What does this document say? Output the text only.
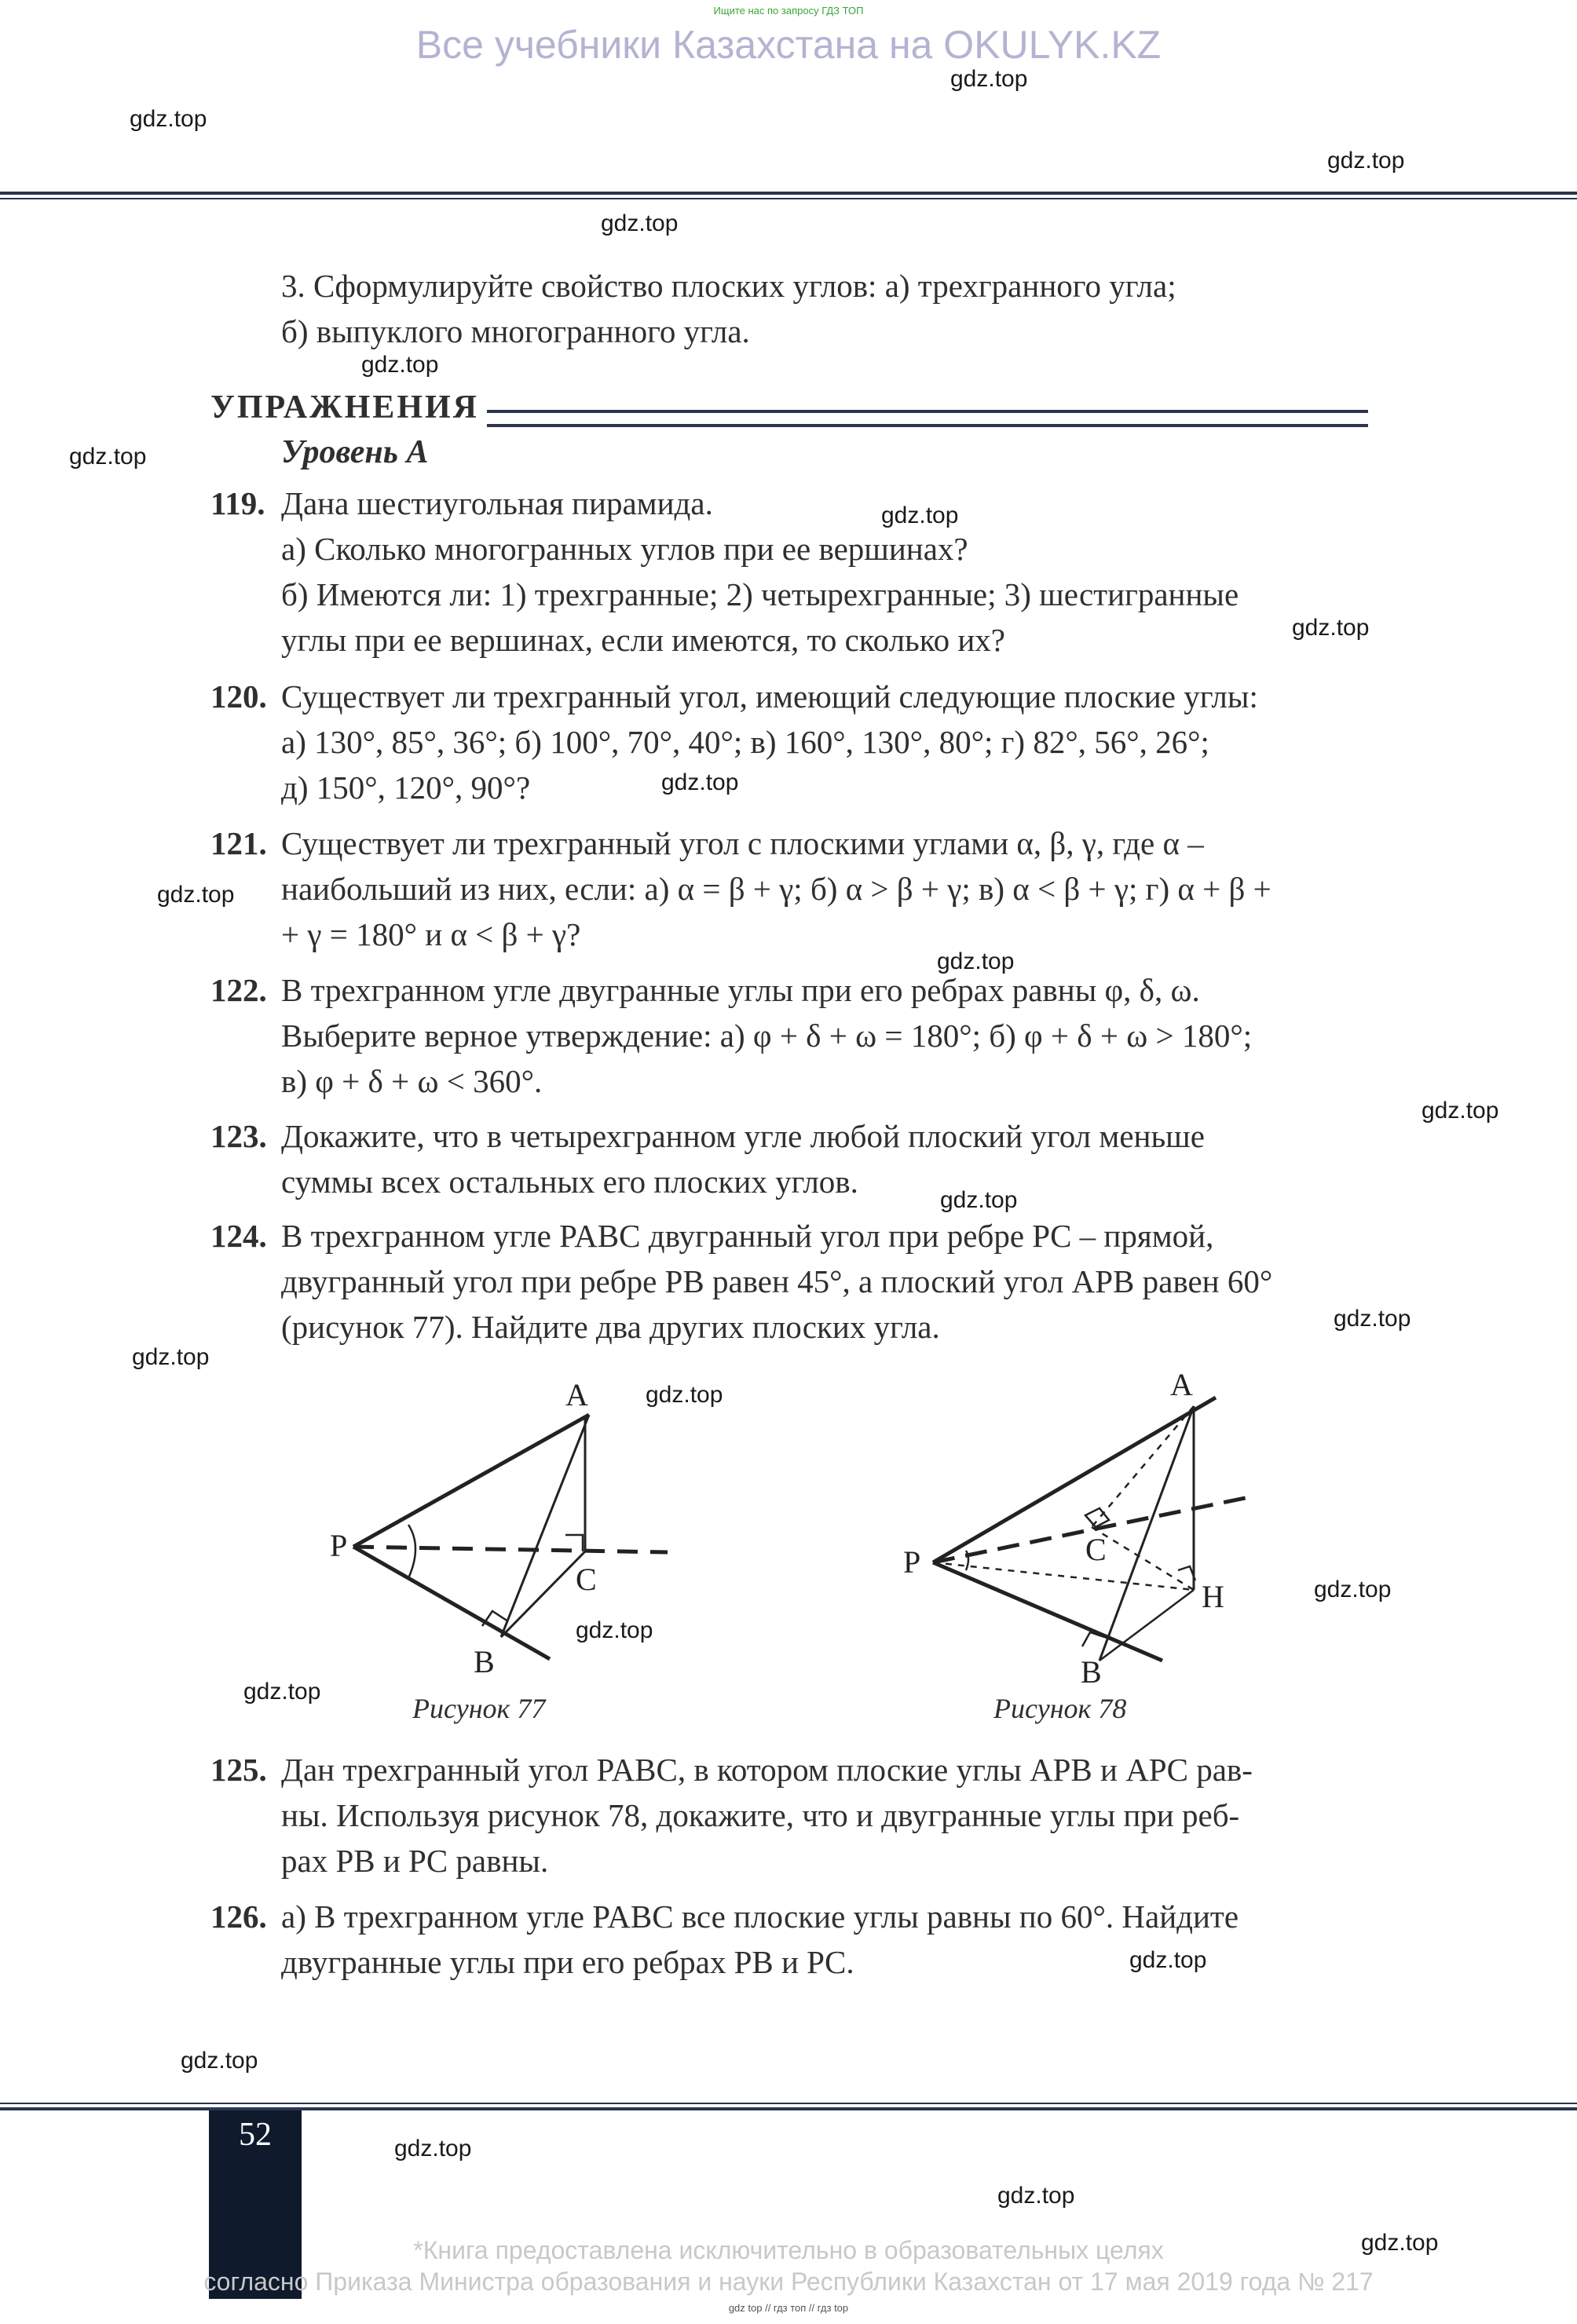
Ищите нас по запросу ГДЗ ТОП
Все учебники Казахстана на OKULYK.KZ
3. Сформулируйте свойство плоских углов: а) трехгранного угла;
б) выпуклого многогранного угла.
УПРАЖНЕНИЯ
Уровень А
119. Дана шестиугольная пирамида.
а) Сколько многогранных углов при ее вершинах?
б) Имеются ли: 1) трехгранные; 2) четырехгранные; 3) шестигранные
углы при ее вершинах, если имеются, то сколько их?
120. Существует ли трехгранный угол, имеющий следующие плоские углы:
а) 130°, 85°, 36°; б) 100°, 70°, 40°; в) 160°, 130°, 80°; г) 82°, 56°, 26°;
д) 150°, 120°, 90°?
121. Существует ли трехгранный угол с плоскими углами α, β, γ, где α –
наибольший из них, если: а) α = β + γ; б) α > β + γ; в) α < β + γ; г) α + β +
+ γ = 180° и α < β + γ?
122. В трехгранном угле двугранные углы при его ребрах равны φ, δ, ω.
Выберите верное утверждение: а) φ + δ + ω = 180°; б) φ + δ + ω > 180°;
в) φ + δ + ω < 360°.
123. Докажите, что в четырехгранном угле любой плоский угол меньше
суммы всех остальных его плоских углов.
124. В трехгранном угле PABC двугранный угол при ребре PC – прямой,
двугранный угол при ребре PB равен 45°, а плоский угол APB равен 60°
(рисунок 77). Найдите два других плоских угла.
A
P
C
B
Рисунок 77
A
P	C
H
B
Рисунок 78
125. Дан трехгранный угол PABC, в котором плоские углы APB и APC рав-
ны. Используя рисунок 78, докажите, что и двугранные углы при реб-
рах PB и PC равны.
126. а) В трехгранном угле PABC все плоские углы равны по 60°. Найдите
двугранные углы при его ребрах PB и PC.
52
*Книга предоставлена исключительно в образовательных целях
согласно Приказа Министра образования и науки Республики Казахстан от 17 мая 2019 года № 217
gdz top // гдз топ // гдз top
gdz.top
gdz.top
gdz.top
gdz.top
gdz.top
gdz.top
gdz.top
gdz.top
gdz.top
gdz.top
gdz.top
gdz.top
gdz.top
gdz.top
gdz.top
gdz.top
gdz.top
gdz.top
gdz.top
gdz.top
gdz.top
gdz.top
gdz.top
gdz.top
